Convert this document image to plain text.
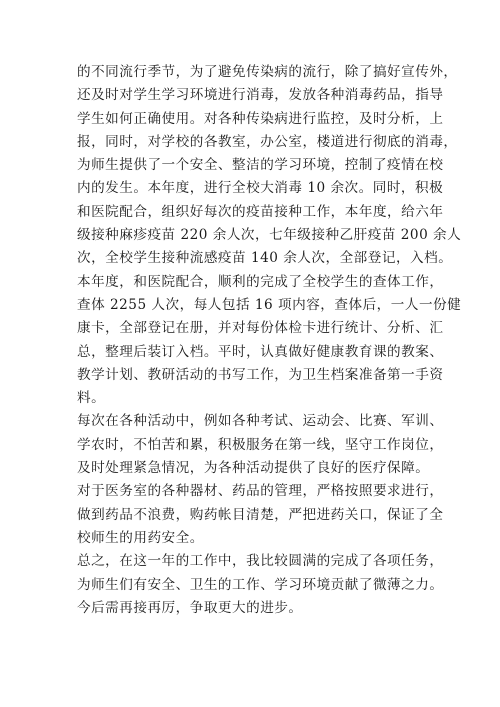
的不同流行季节，为了避免传染病的流行，除了搞好宣传外，
还及时对学生学习环境进行消毒，发放各种消毒药品，指导
学生如何正确使用。对各种传染病进行监控，及时分析，上
报，同时，对学校的各教室，办公室，楼道进行彻底的消毒，
为师生提供了一个安全、整洁的学习环境，控制了疫情在校
内的发生。本年度，进行全校大消毒 10 余次。同时，积极
和医院配合，组织好每次的疫苗接种工作，本年度，给六年
级接种麻疹疫苗 220 余人次，七年级接种乙肝疫苗 200 余人
次，全校学生接种流感疫苗 140 余人次，全部登记，入档。
本年度，和医院配合，顺利的完成了全校学生的查体工作，
查体 2255 人次，每人包括 16 项内容，查体后，一人一份健
康卡，全部登记在册，并对每份体检卡进行统计、分析、汇
总，整理后装订入档。平时，认真做好健康教育课的教案、
教学计划、教研活动的书写工作，为卫生档案准备第一手资
料。
每次在各种活动中，例如各种考试、运动会、比赛、军训、
学农时，不怕苦和累，积极服务在第一线，坚守工作岗位，
及时处理紧急情况，为各种活动提供了良好的医疗保障。
对于医务室的各种器材、药品的管理，严格按照要求进行，
做到药品不浪费，购药帐目清楚，严把进药关口，保证了全
校师生的用药安全。
总之，在这一年的工作中，我比较圆满的完成了各项任务，
为师生们有安全、卫生的工作、学习环境贡献了微薄之力。
今后需再接再厉，争取更大的进步。
